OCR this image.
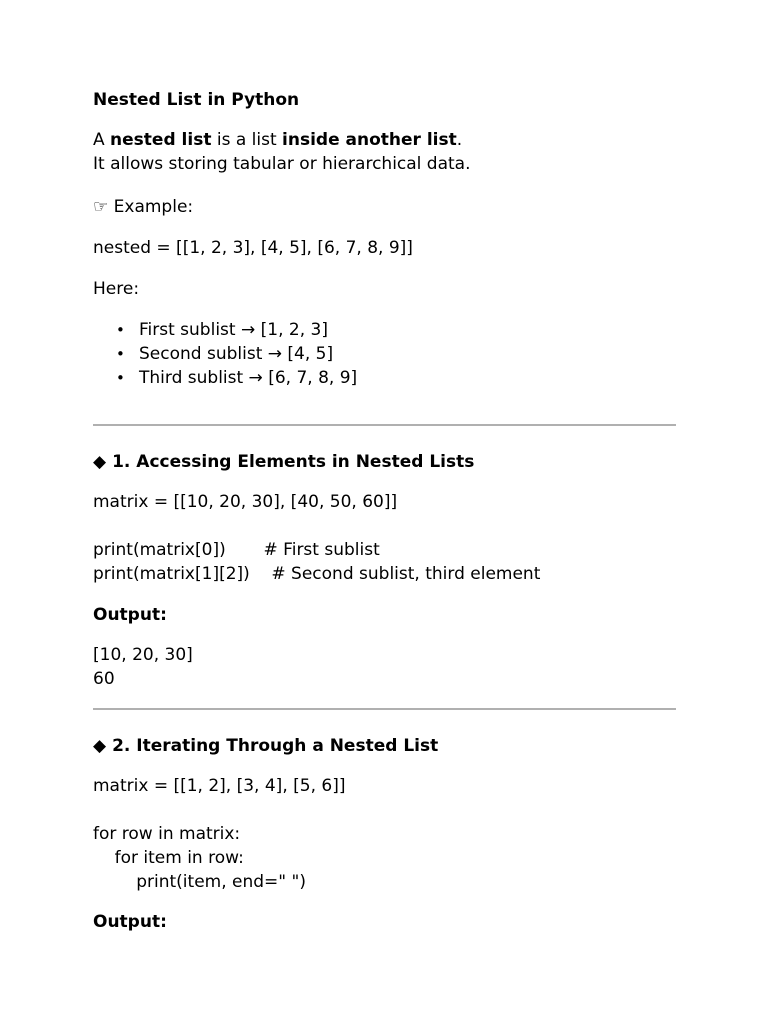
Nested List in Python
A nested list is a list inside another list.
It allows storing tabular or hierarchical data.
☞ Example:
nested = [[1, 2, 3], [4, 5], [6, 7, 8, 9]]
Here:
• First sublist → [1, 2, 3]
• Second sublist → [4, 5]
• Third sublist → [6, 7, 8, 9]
◆ 1. Accessing Elements in Nested Lists
matrix = [[10, 20, 30], [40, 50, 60]]
print(matrix[0])       # First sublist
print(matrix[1][2])    # Second sublist, third element
Output:
[10, 20, 30]
60
◆ 2. Iterating Through a Nested List
matrix = [[1, 2], [3, 4], [5, 6]]
for row in matrix:
for item in row:
print(item, end=" ")
Output:
